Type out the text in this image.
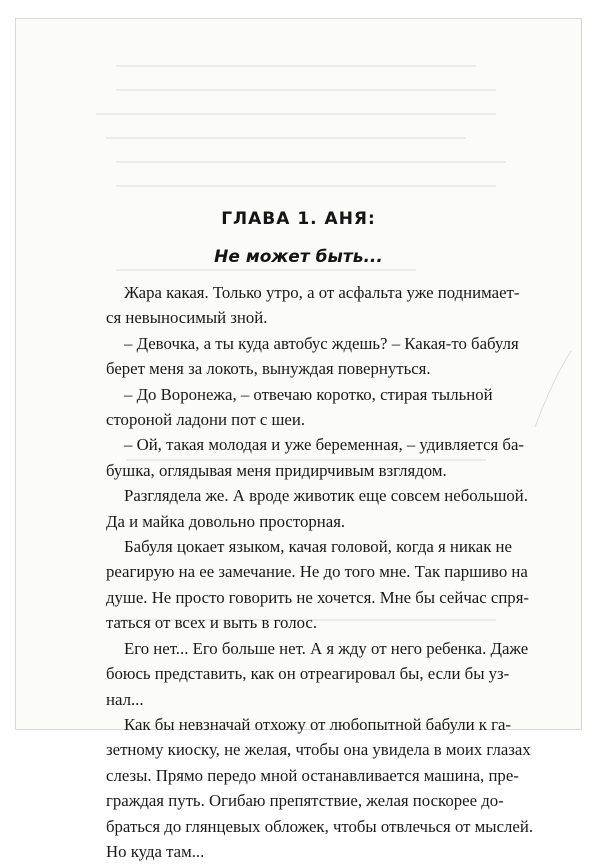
ГЛАВА 1. АНЯ:
Не может быть...
Жара какая. Только утро, а от асфальта уже поднимает-
ся невыносимый зной.
– Девочка, а ты куда автобус ждешь? – Какая-то бабуля
берет меня за локоть, вынуждая повернуться.
– До Воронежа, – отвечаю коротко, стирая тыльной
стороной ладони пот с шеи.
– Ой, такая молодая и уже беременная, – удивляется ба-
бушка, оглядывая меня придирчивым взглядом.
Разглядела же. А вроде животик еще совсем небольшой.
Да и майка довольно просторная.
Бабуля цокает языком, качая головой, когда я никак не
реагирую на ее замечание. Не до того мне. Так паршиво на
душе. Не просто говорить не хочется. Мне бы сейчас спря-
таться от всех и выть в голос.
Его нет... Его больше нет. А я жду от него ребенка. Даже
боюсь представить, как он отреагировал бы, если бы уз-
нал...
Как бы невзначай отхожу от любопытной бабули к га-
зетному киоску, не желая, чтобы она увидела в моих глазах
слезы. Прямо передо мной останавливается машина, пре-
граждая путь. Огибаю препятствие, желая поскорее до-
браться до глянцевых обложек, чтобы отвлечься от мыслей.
Но куда там...
